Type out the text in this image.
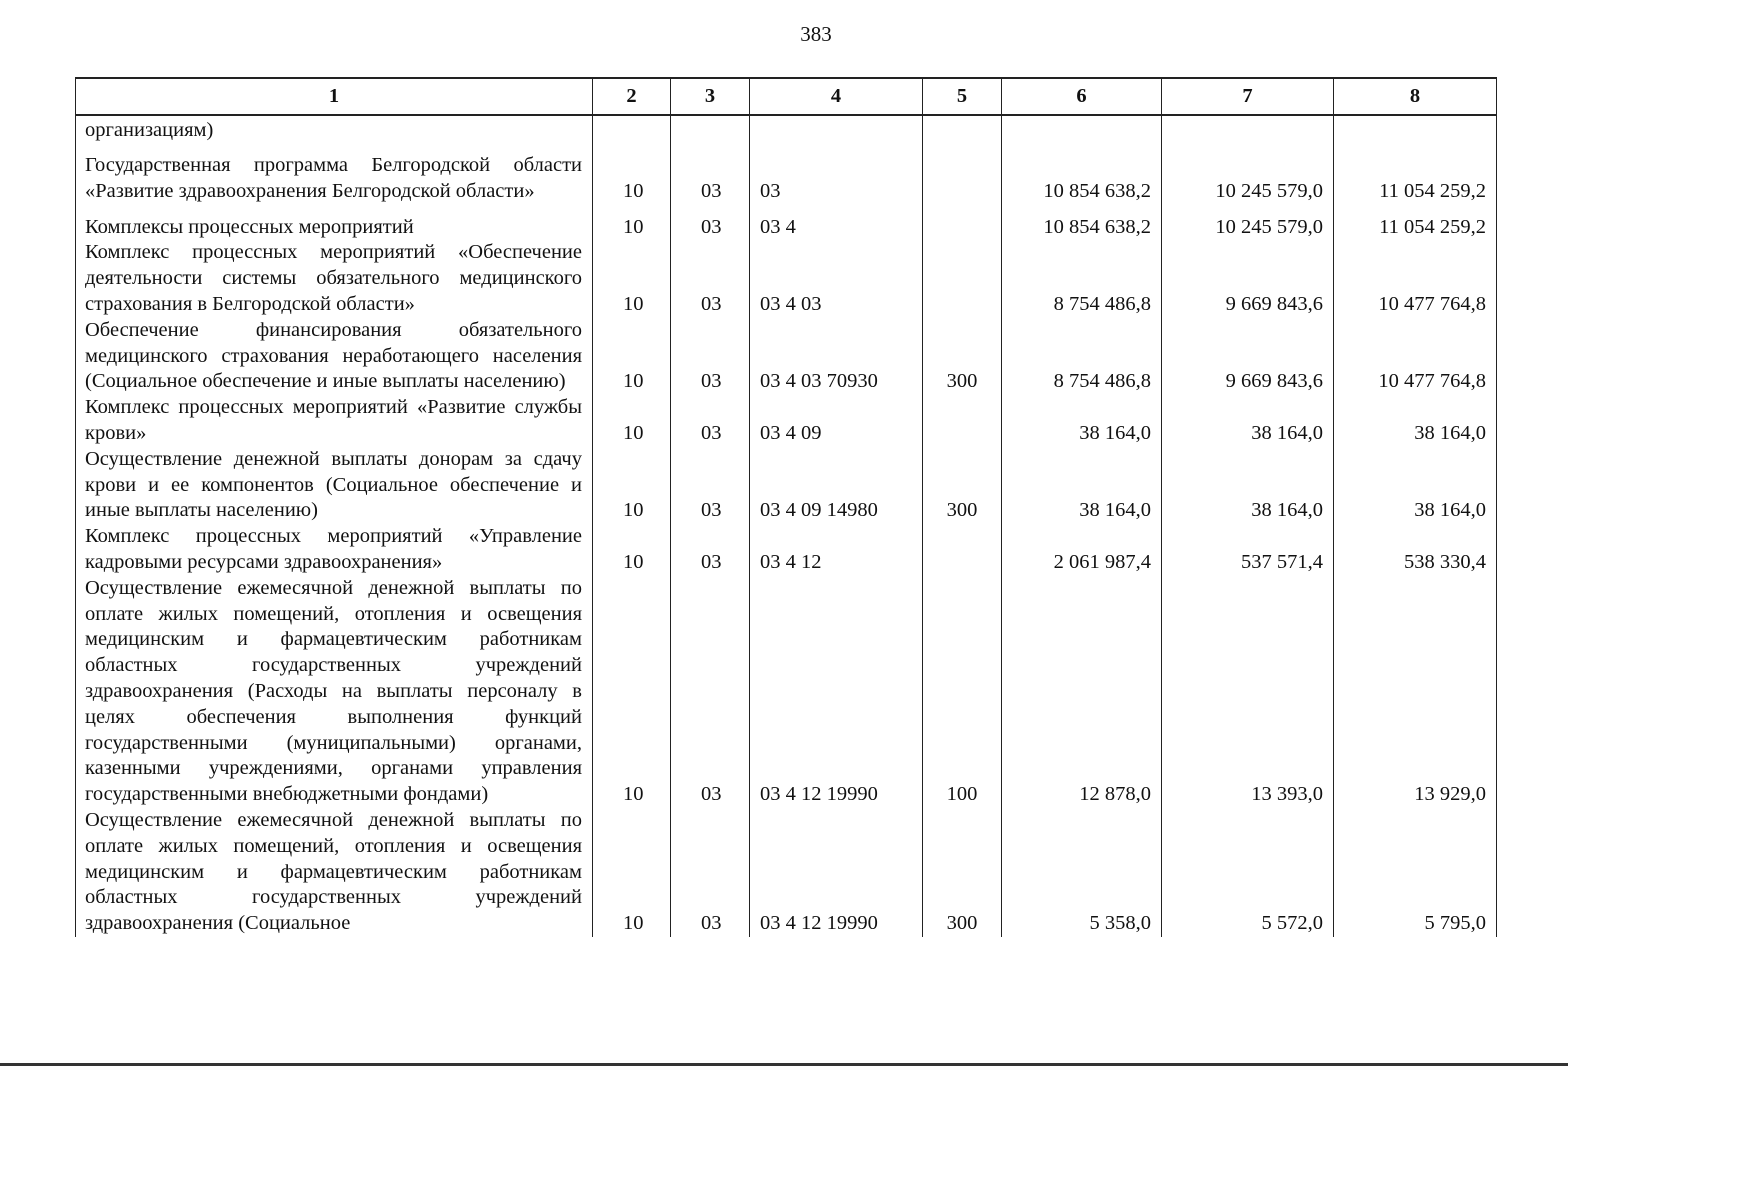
383
1	2	3	4	5	6	7	8
организациям)							
Государственная программа Белгородской области «Развитие здравоохранения Белгородской области»	10	03	03		10 854 638,2	10 245 579,0	11 054 259,2
Комплексы процессных мероприятий	10	03	03 4		10 854 638,2	10 245 579,0	11 054 259,2
Комплекс процессных мероприятий «Обеспечение деятельности системы обязательного медицинского страхования в Белгородской области»	10	03	03 4 03		8 754 486,8	9 669 843,6	10 477 764,8
Обеспечение финансирования обязательного медицинского страхования неработающего населения (Социальное обеспечение и иные выплаты населению)	10	03	03 4 03 70930	300	8 754 486,8	9 669 843,6	10 477 764,8
Комплекс процессных мероприятий «Развитие службы крови»	10	03	03 4 09		38 164,0	38 164,0	38 164,0
Осуществление денежной выплаты донорам за сдачу крови и ее компонентов (Социальное обеспечение и иные выплаты населению)	10	03	03 4 09 14980	300	38 164,0	38 164,0	38 164,0
Комплекс процессных мероприятий «Управление кадровыми ресурсами здравоохранения»	10	03	03 4 12		2 061 987,4	537 571,4	538 330,4
Осуществление ежемесячной денежной выплаты по оплате жилых помещений, отопления и освещения медицинским и фармацевтическим работникам областных государственных учреждений здравоохранения (Расходы на выплаты персоналу в целях обеспечения выполнения функций государственными (муниципальными) органами, казенными учреждениями, органами управления государственными внебюджетными фондами)	10	03	03 4 12 19990	100	12 878,0	13 393,0	13 929,0
Осуществление ежемесячной денежной выплаты по оплате жилых помещений, отопления и освещения медицинским и фармацевтическим работникам областных государственных учреждений здравоохранения (Социальное	10	03	03 4 12 19990	300	5 358,0	5 572,0	5 795,0
